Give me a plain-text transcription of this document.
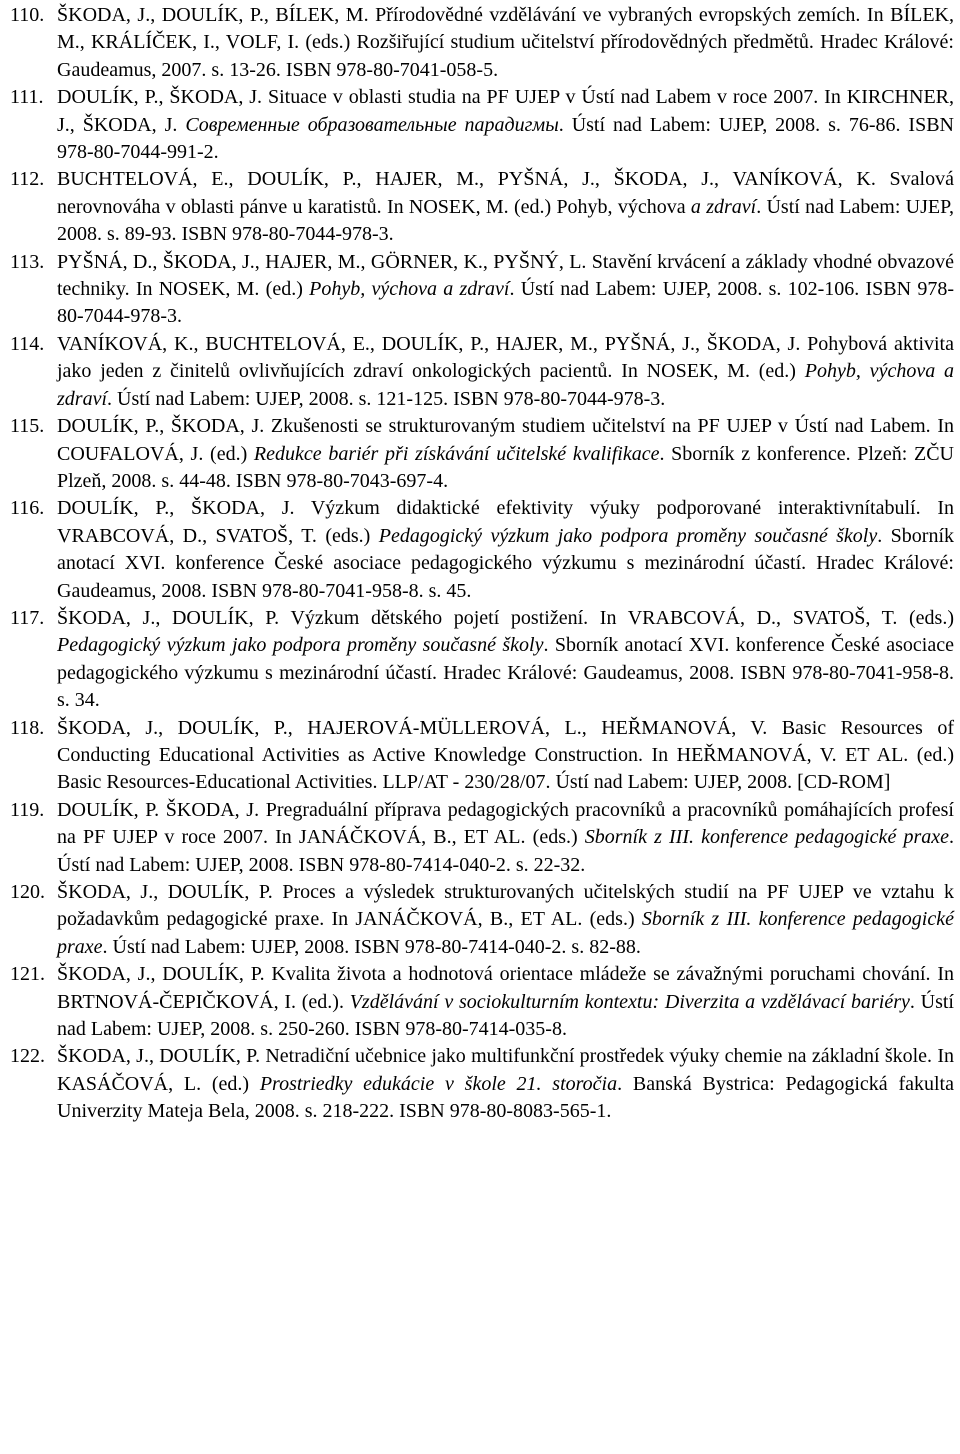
110. ŠKODA, J., DOULÍK, P., BÍLEK, M. Přírodovědné vzdělávání ve vybraných evropských zemích. In BÍLEK, M., KRÁLÍČEK, I., VOLF, I. (eds.) Rozšiřující studium učitelství přírodovědných předmětů. Hradec Králové: Gaudeamus, 2007. s. 13-26. ISBN 978-80-7041-058-5.
111. DOULÍK, P., ŠKODA, J. Situace v oblasti studia na PF UJEP v Ústí nad Labem v roce 2007. In KIRCHNER, J., ŠKODA, J. Современные образовательные парадигмы. Ústí nad Labem: UJEP, 2008. s. 76-86. ISBN 978-80-7044-991-2.
112. BUCHTELOVÁ, E., DOULÍK, P., HAJER, M., PYŠNÁ, J., ŠKODA, J., VANÍKOVÁ, K. Svalová nerovnováha v oblasti pánve u karatistů. In NOSEK, M. (ed.) Pohyb, výchova a zdraví. Ústí nad Labem: UJEP, 2008. s. 89-93. ISBN 978-80-7044-978-3.
113. PYŠNÁ, D., ŠKODA, J., HAJER, M., GÖRNER, K., PYŠNÝ, L. Stavění krvácení a základy vhodné obvazové techniky. In NOSEK, M. (ed.) Pohyb, výchova a zdraví. Ústí nad Labem: UJEP, 2008. s. 102-106. ISBN 978-80-7044-978-3.
114. VANÍKOVÁ, K., BUCHTELOVÁ, E., DOULÍK, P., HAJER, M., PYŠNÁ, J., ŠKODA, J. Pohybová aktivita jako jeden z činitelů ovlivňujících zdraví onkologických pacientů. In NOSEK, M. (ed.) Pohyb, výchova a zdraví. Ústí nad Labem: UJEP, 2008. s. 121-125. ISBN 978-80-7044-978-3.
115. DOULÍK, P., ŠKODA, J. Zkušenosti se strukturovaným studiem učitelství na PF UJEP v Ústí nad Labem. In COUFALOVÁ, J. (ed.) Redukce bariér při získávání učitelské kvalifikace. Sborník z konference. Plzeň: ZČU Plzeň, 2008. s. 44-48. ISBN 978-80-7043-697-4.
116. DOULÍK, P., ŠKODA, J. Výzkum didaktické efektivity výuky podporované interaktivnítabulí. In VRABCOVÁ, D., SVATOŠ, T. (eds.) Pedagogický výzkum jako podpora proměny současné školy. Sborník anotací XVI. konference České asociace pedagogického výzkumu s mezinárodní účastí. Hradec Králové: Gaudeamus, 2008. ISBN 978-80-7041-958-8. s. 45.
117. ŠKODA, J., DOULÍK, P. Výzkum dětského pojetí postižení. In VRABCOVÁ, D., SVATOŠ, T. (eds.) Pedagogický výzkum jako podpora proměny současné školy. Sborník anotací XVI. konference České asociace pedagogického výzkumu s mezinárodní účastí. Hradec Králové: Gaudeamus, 2008. ISBN 978-80-7041-958-8. s. 34.
118. ŠKODA, J., DOULÍK, P., HAJEROVÁ-MÜLLEROVÁ, L., HEŘMANOVÁ, V. Basic Resources of Conducting Educational Activities as Active Knowledge Construction. In HEŘMANOVÁ, V. ET AL. (ed.) Basic Resources-Educational Activities. LLP/AT - 230/28/07. Ústí nad Labem: UJEP, 2008. [CD-ROM]
119. DOULÍK, P. ŠKODA, J. Pregraduální příprava pedagogických pracovníků a pracovníků pomáhajících profesí na PF UJEP v roce 2007. In JANÁČKOVÁ, B., ET AL. (eds.) Sborník z III. konference pedagogické praxe. Ústí nad Labem: UJEP, 2008. ISBN 978-80-7414-040-2. s. 22-32.
120. ŠKODA, J., DOULÍK, P. Proces a výsledek strukturovaných učitelských studií na PF UJEP ve vztahu k požadavkům pedagogické praxe. In JANÁČKOVÁ, B., ET AL. (eds.) Sborník z III. konference pedagogické praxe. Ústí nad Labem: UJEP, 2008. ISBN 978-80-7414-040-2. s. 82-88.
121. ŠKODA, J., DOULÍK, P. Kvalita života a hodnotová orientace mládeže se závažnými poruchami chování. In BRTNOVÁ-ČEPIČKOVÁ, I. (ed.). Vzdělávání v sociokulturním kontextu: Diverzita a vzdělávací bariéry. Ústí nad Labem: UJEP, 2008. s. 250-260. ISBN 978-80-7414-035-8.
122. ŠKODA, J., DOULÍK, P. Netradiční učebnice jako multifunkční prostředek výuky chemie na základní škole. In KASÁČOVÁ, L. (ed.) Prostriedky edukácie v škole 21. storočia. Banská Bystrica: Pedagogická fakulta Univerzity Mateja Bela, 2008. s. 218-222. ISBN 978-80-8083-565-1.
